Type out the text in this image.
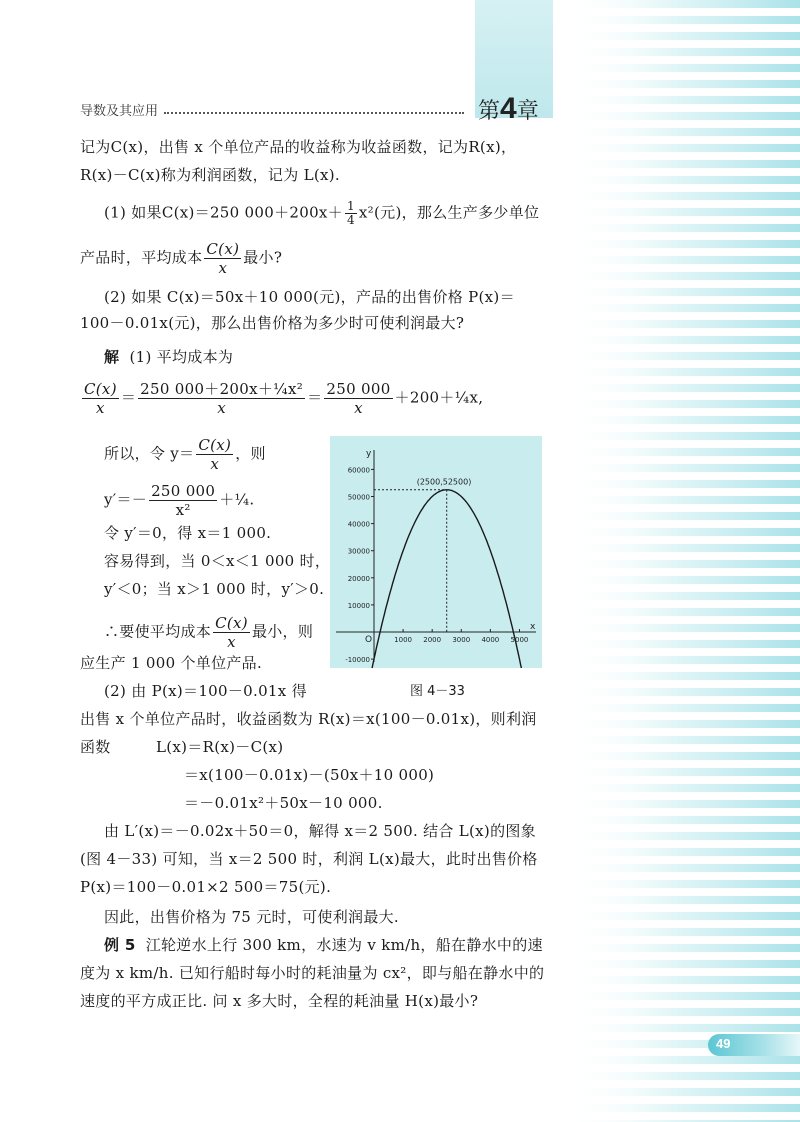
导数及其应用	第4章
记为C(x)，出售 x 个单位产品的收益称为收益函数，记为R(x)，
R(x)－C(x)称为利润函数，记为 L(x).
(1) 如果C(x)＝250 $000+200x+ \frac{1}{4} x^2$(元)，那么生产多少单位
产品时，平均成本 $\frac{C(x)}{x}$ 最小?
(2) 如果 C(x)＝50x＋10 000(元)，产品的出售价格 P(x)＝
100－0.01x(元)，那么出售价格为多少时可使利润最大?
解 (1) 平均成本为
$\frac{C(x)}{x} = \frac{\text{250 000＋200x＋¼x²}}{x} = \frac{250 000}{x}$ ＋200＋¼x,
所以，令 $y= \frac{C(x)}{x}$ ，则
$y'=- \frac{250 000}{\text{x²}}$ ＋¼.
令 y′＝0，得 x＝1 000.
容易得到，当 0＜x＜1 000 时，
y′＜0；当 x＞1 000 时，y′＞0.
∴要使平均成本 $\frac{C(x)}{x}$ 最小，则
应生产 1 000 个单位产品.
(2) 由 P(x)＝100－0.01x 得
出售 x 个单位产品时，收益函数为 R(x)＝x(100－0.01x)，则利润
函数	L(x)＝R(x)－C(x)
＝x(100－0.01x)－(50x＋10 000)
＝－0.01x²＋50x－10 000.
由 L′(x)＝－0.02x＋50＝0，解得 x＝2 500. 结合 L(x)的图象
(图 4－33) 可知，当 x＝2 500 时，利润 L(x)最大，此时出售价格
P(x)＝100－0.01×2 500＝75(元).
因此，出售价格为 75 元时，可使利润最大.
例 5 江轮逆水上行 300 km，水速为 v km/h，船在静水中的速
度为 x km/h. 已知行船时每小时的耗油量为 cx²，即与船在静水中的
速度的平方成正比. 问 x 多大时，全程的耗油量 H(x)最小?
y
x
O
60000
50000
40000
30000
20000
10000
-10000
1000 2000 3000 4000 5000
(2500,52500)
图 4－33
49
